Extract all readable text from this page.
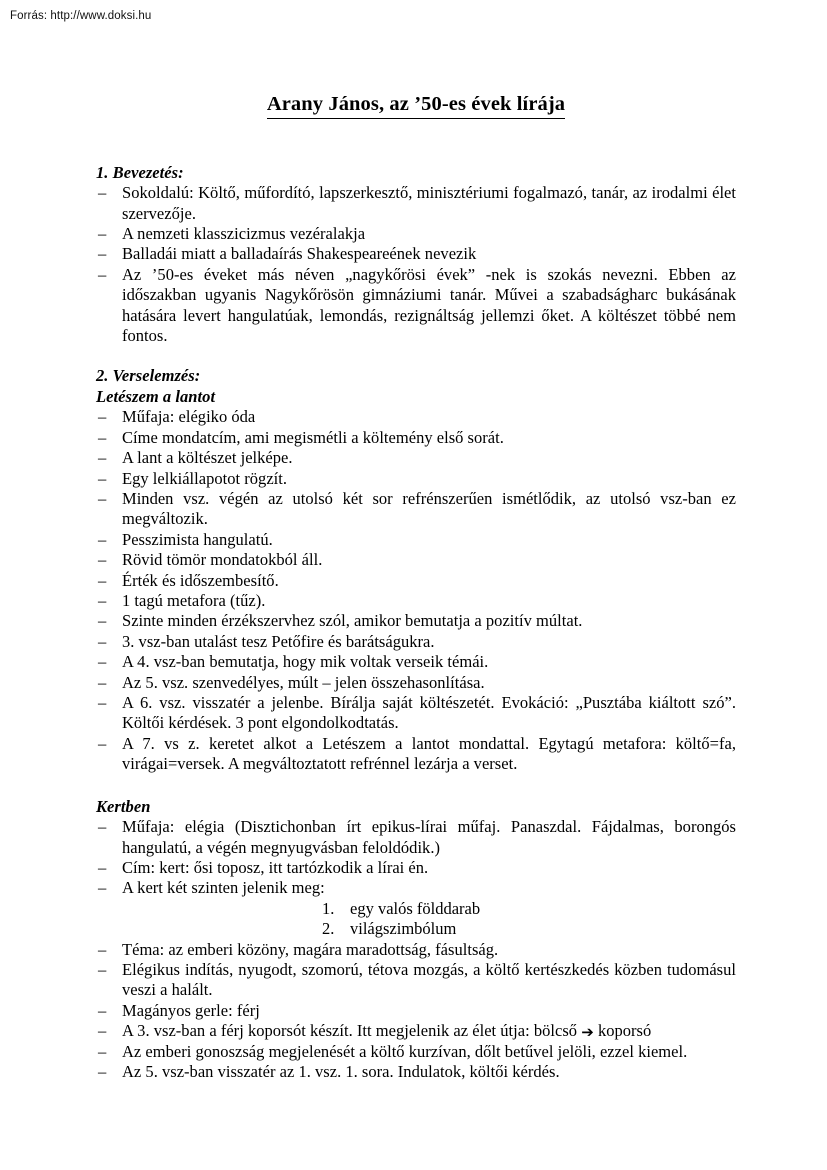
Forrás: http://www.doksi.hu
Arany János, az ’50-es évek lírája
1. Bevezetés:
– Sokoldalú: Költő, műfordító, lapszerkesztő, minisztériumi fogalmazó, tanár, az irodalmi élet szervezője.
– A nemzeti klasszicizmus vezéralakja
– Balladái miatt a balladaírás Shakespeareének nevezik
– Az ’50-es éveket más néven „nagykőrösi évek” -nek is szokás nevezni. Ebben az időszakban ugyanis Nagykőrösön gimnáziumi tanár. Művei a szabadságharc bukásának hatására levert hangulatúak, lemondás, rezignáltság jellemzi őket. A költészet többé nem fontos.
2. Verselemzés:
Letészem a lantot
– Műfaja: elégiko óda
– Címe mondatcím, ami megismétli a költemény első sorát.
– A lant a költészet jelképe.
– Egy lelkiállapotot rögzít.
– Minden vsz. végén az utolsó két sor refrénszerűen ismétlődik, az utolsó vsz-ban ez megváltozik.
– Pesszimista hangulatú.
– Rövid tömör mondatokból áll.
– Érték és időszembesítő.
– 1 tagú metafora (tűz).
– Szinte minden érzékszervhez szól, amikor bemutatja a pozitív múltat.
– 3. vsz-ban utalást tesz Petőfire és barátságukra.
– A 4. vsz-ban bemutatja, hogy mik voltak verseik témái.
– Az 5. vsz. szenvedélyes, múlt – jelen összehasonlítása.
– A 6. vsz. visszatér a jelenbe. Bírálja saját költészetét. Evokáció: „Pusztába kiáltott szó”. Költői kérdések. 3 pont elgondolkodtatás.
– A 7. vs z. keretet alkot a Letészem a lantot mondattal. Egytagú metafora: költő=fa, virágai=versek. A megváltoztatott refrénnel lezárja a verset.
Kertben
– Műfaja: elégia (Disztichonban írt epikus-lírai műfaj. Panaszdal. Fájdalmas, borongós hangulatú, a végén megnyugvásban feloldódik.)
– Cím: kert: ősi toposz, itt tartózkodik a lírai én.
– A kert két szinten jelenik meg:
1. egy valós földdarab
2. világszimbólum
– Téma: az emberi közöny, magára maradottság, fásultság.
– Elégikus indítás, nyugodt, szomorú, tétova mozgás, a költő kertészkedés közben tudomásul veszi a halált.
– Magányos gerle: férj
– A 3. vsz-ban a férj koporsót készít. Itt megjelenik az élet útja: bölcső ➔ koporsó
– Az emberi gonoszság megjelenését a költő kurzívan, dőlt betűvel jelöli, ezzel kiemel.
– Az 5. vsz-ban visszatér az 1. vsz. 1. sora. Indulatok, költői kérdés.
